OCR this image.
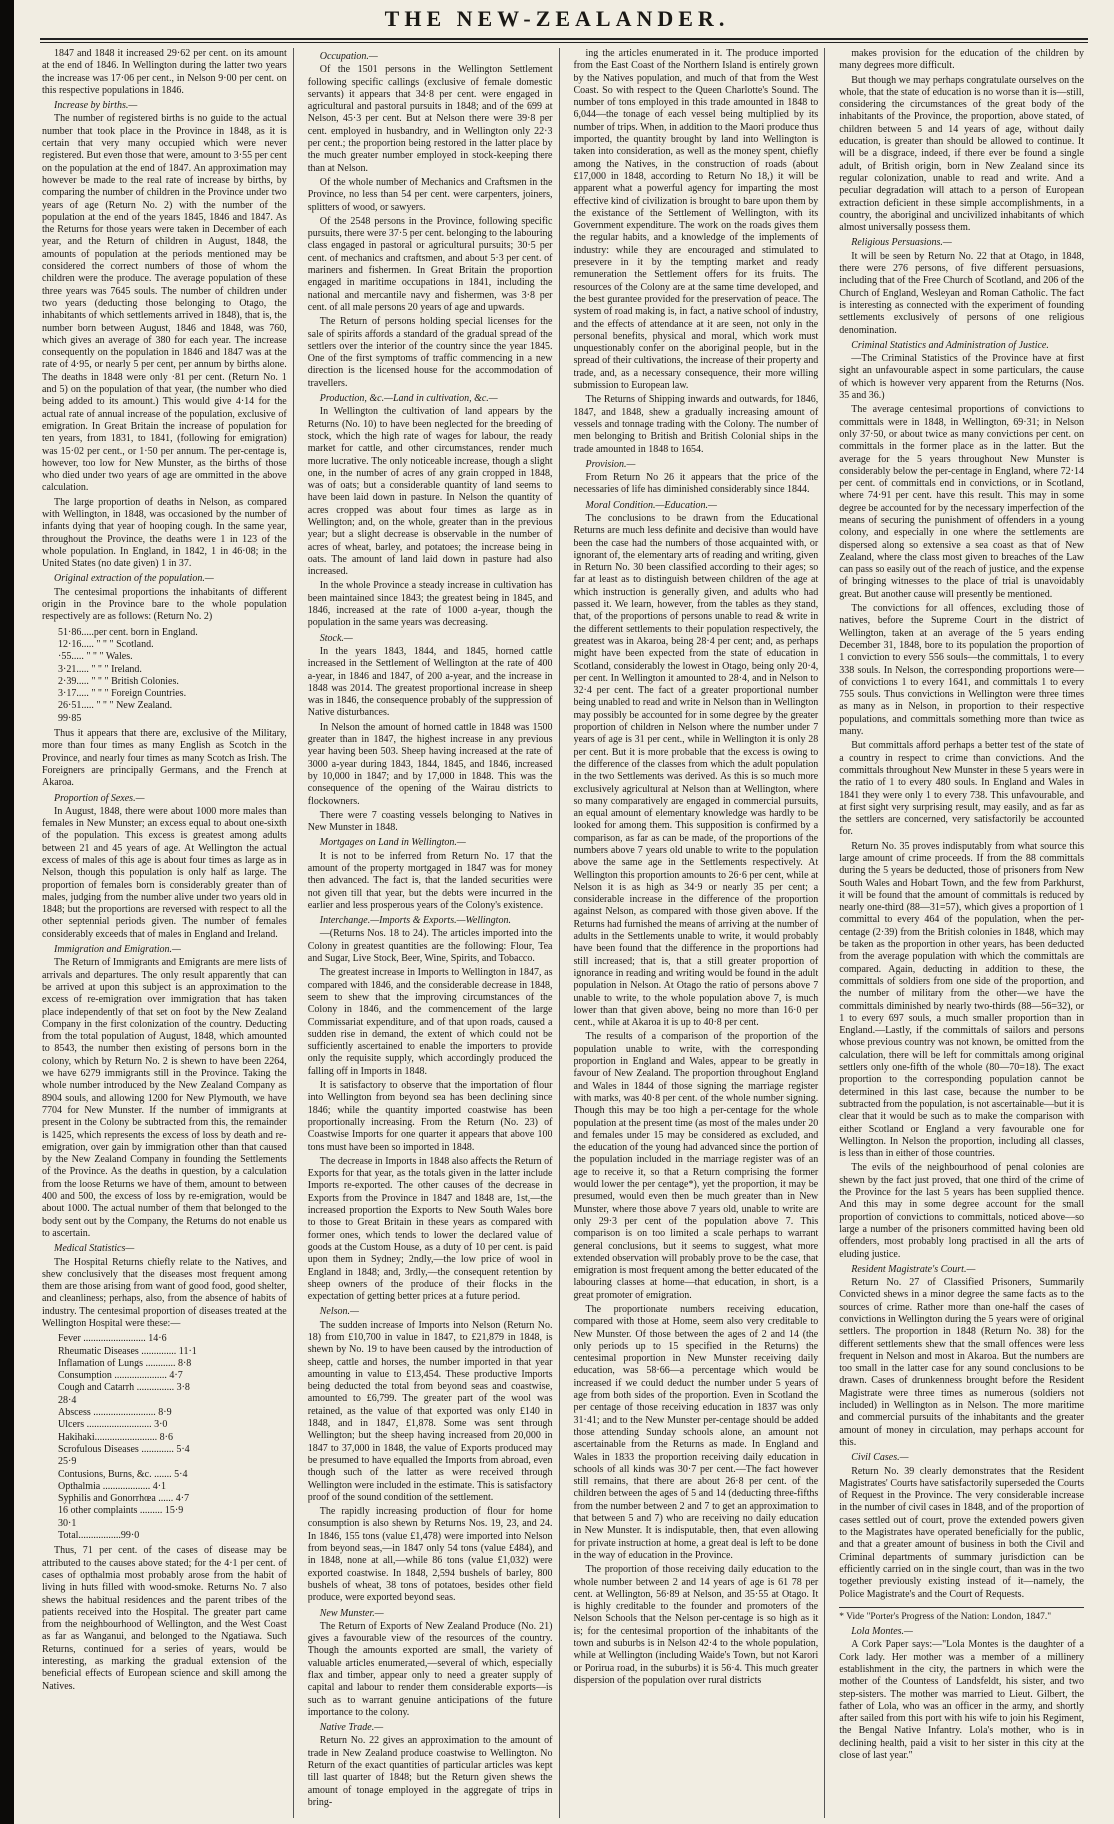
THE NEW-ZEALANDER.

1847 and 1848 it increased 29·62 per cent. on its amount at the end of 1846. In Wellington during the latter two years the increase was 17·06 per cent., in Nelson 9·00 per cent. on this respective populations in 1846.

Increase by births.—

The number of registered births is no guide to the actual number that took place in the Province in 1848, as it is certain that very many occupied which were never registered. But even those that were, amount to 3·55 per cent on the population at the end of 1847. An approximation may however be made to the real rate of increase by births, by comparing the number of children in the Province under two years of age (Return No. 2) with the number of the population at the end of the years 1845, 1846 and 1847. As the Returns for those years were taken in December of each year, and the Return of children in August, 1848, the amounts of population at the periods mentioned may be considered the correct numbers of those of whom the children were the produce. The average population of these three years was 7645 souls. The number of children under two years (deducting those belonging to Otago, the inhabitants of which settlements arrived in 1848), that is, the number born between August, 1846 and 1848, was 760, which gives an average of 380 for each year. The increase consequently on the population in 1846 and 1847 was at the rate of 4·95, or nearly 5 per cent, per annum by births alone. The deaths in 1848 were only ·81 per cent. (Return No. 1 and 5) on the population of that year, (the number who died being added to its amount.) This would give 4·14 for the actual rate of annual increase of the population, exclusive of emigration. In Great Britain the increase of population for ten years, from 1831, to 1841, (following for emigration) was 15·02 per cent., or 1·50 per annum. The per-centage is, however, too low for New Munster, as the births of those who died under two years of age are ommitted in the above calculation.

The large proportion of deaths in Nelson, as compared with Wellington, in 1848, was occasioned by the number of infants dying that year of hooping cough. In the same year, throughout the Province, the deaths were 1 in 123 of the whole population. In England, in 1842, 1 in 46·08; in the United States (no date given) 1 in 37.

Original extraction of the population.—

The centesimal proportions the inhabitants of different origin in the Province bare to the whole population respectively are as follows: (Return No. 2)

51·86.....per cent. born in England.
12·16..... " " " Scotland.
·55..... " " " Wales.
3·21..... " " " Ireland.
2·39..... " " " British Colonies.
3·17..... " " " Foreign Countries.
26·51..... " " " New Zealand.
99·85

Thus it appears that there are, exclusive of the Military, more than four times as many English as Scotch in the Province, and nearly four times as many Scotch as Irish. The Foreigners are principally Germans, and the French at Akaroa.

Proportion of Sexes.—

In August, 1848, there were about 1000 more males than females in New Munster; an excess equal to about one-sixth of the population. This excess is greatest among adults between 21 and 45 years of age. At Wellington the actual excess of males of this age is about four times as large as in Nelson, though this population is only half as large. The proportion of females born is considerably greater than of males, judging from the number alive under two years old in 1848; but the proportions are reversed with respect to all the other septennial periods given. The number of females considerably exceeds that of males in England and Ireland.

Immigration and Emigration.—

The Return of Immigrants and Emigrants are mere lists of arrivals and departures. The only result apparently that can be arrived at upon this subject is an approximation to the excess of re-emigration over immigration that has taken place independently of that set on foot by the New Zealand Company in the first colonization of the country. Deducting from the total population of August, 1848, which amounted to 8543, the number then existing of persons born in the colony, which by Return No. 2 is shewn to have been 2264, we have 6279 immigrants still in the Province. Taking the whole number introduced by the New Zealand Company as 8904 souls, and allowing 1200 for New Plymouth, we have 7704 for New Munster. If the number of immigrants at present in the Colony be subtracted from this, the remainder is 1425, which represents the excess of loss by death and re-emigration, over gain by immigration other than that caused by the New Zealand Company in founding the Settlements of the Province. As the deaths in question, by a calculation from the loose Returns we have of them, amount to between 400 and 500, the excess of loss by re-emigration, would be about 1000. The actual number of them that belonged to the body sent out by the Company, the Returns do not enable us to ascertain.

Medical Statistics—

The Hospital Returns chiefly relate to the Natives, and shew conclusively that the diseases most frequent among them are those arising from want of good food, good shelter, and cleanliness; perhaps, also, from the absence of habits of industry. The centesimal proportion of diseases treated at the Wellington Hospital were these:—

Fever ......................... 14·6
Rheumatic Diseases .............. 11·1
Inflamation of Lungs ............ 8·8
Consumption ..................... 4·7
Cough and Catarrh ............... 3·8
28·4
Abscess ......................... 8·9
Ulcers .......................... 3·0
Hakihaki......................... 8·6
Scrofulous Diseases ............. 5·4
25·9
Contusions, Burns, &c. ....... 5·4
Opthalmia ................... 4·1
Syphilis and Gonorrhœa ...... 4·7
16 other complaints ......... 15·9
30·1
Total.................99·0

Thus, 71 per cent. of the cases of disease may be attributed to the causes above stated; for the 4·1 per cent. of cases of opthalmia most probably arose from the habit of living in huts filled with wood-smoke. Returns No. 7 also shews the habitual residences and the parent tribes of the patients received into the Hospital. The greater part came from the neighbourhood of Wellington, and the West Coast as far as Wanganui, and belonged to the Ngatiawa. Such Returns, continued for a series of years, would be interesting, as marking the gradual extension of the beneficial effects of European science and skill among the Natives.

Occupation.—

Of the 1501 persons in the Wellington Settlement following specific callings (exclusive of female domestic servants) it appears that 34·8 per cent. were engaged in agricultural and pastoral pursuits in 1848; and of the 699 at Nelson, 45·3 per cent. But at Nelson there were 39·8 per cent. employed in husbandry, and in Wellington only 22·3 per cent.; the proportion being restored in the latter place by the much greater number employed in stock-keeping there than at Nelson.

Of the whole number of Mechanics and Craftsmen in the Province, no less than 54 per cent. were carpenters, joiners, splitters of wood, or sawyers.

Of the 2548 persons in the Province, following specific pursuits, there were 37·5 per cent. belonging to the labouring class engaged in pastoral or agricultural pursuits; 30·5 per cent. of mechanics and craftsmen, and about 5·3 per cent. of mariners and fishermen. In Great Britain the proportion engaged in maritime occupations in 1841, including the national and mercantile navy and fishermen, was 3·8 per cent. of all male persons 20 years of age and upwards.

The Return of persons holding special licenses for the sale of spirits affords a standard of the gradual spread of the settlers over the interior of the country since the year 1845. One of the first symptoms of traffic commencing in a new direction is the licensed house for the accommodation of travellers.

Production, &c.—Land in cultivation, &c.—

In Wellington the cultivation of land appears by the Returns (No. 10) to have been neglected for the breeding of stock, which the high rate of wages for labour, the ready market for cattle, and other circumstances, render much more lucrative. The only noticeable increase, though a slight one, in the number of acres of any grain cropped in 1848, was of oats; but a considerable quantity of land seems to have been laid down in pasture. In Nelson the quantity of acres cropped was about four times as large as in Wellington; and, on the whole, greater than in the previous year; but a slight decrease is observable in the number of acres of wheat, barley, and potatoes; the increase being in oats. The amount of land laid down in pasture had also increased.

In the whole Province a steady increase in cultivation has been maintained since 1843; the greatest being in 1845, and 1846, increased at the rate of 1000 a-year, though the population in the same years was decreasing.

Stock.—

In the years 1843, 1844, and 1845, horned cattle increased in the Settlement of Wellington at the rate of 400 a-year, in 1846 and 1847, of 200 a-year, and the increase in 1848 was 2014. The greatest proportional increase in sheep was in 1846, the consequence probably of the suppression of Native disturbances.

In Nelson the amount of horned cattle in 1848 was 1500 greater than in 1847, the highest increase in any previous year having been 503. Sheep having increased at the rate of 3000 a-year during 1843, 1844, 1845, and 1846, increased by 10,000 in 1847; and by 17,000 in 1848. This was the consequence of the opening of the Wairau districts to flockowners.

There were 7 coasting vessels belonging to Natives in New Munster in 1848.

Mortgages on Land in Wellington.—

It is not to be inferred from Return No. 17 that the amount of the property mortgaged in 1847 was for money then advanced. The fact is, that the landed securities were not given till that year, but the debts were incurred in the earlier and less prosperous years of the Colony's existence.

Interchange.—Imports & Exports.—Wellington.

—(Returns Nos. 18 to 24). The articles imported into the Colony in greatest quantities are the following: Flour, Tea and Sugar, Live Stock, Beer, Wine, Spirits, and Tobacco.

The greatest increase in Imports to Wellington in 1847, as compared with 1846, and the considerable decrease in 1848, seem to shew that the improving circumstances of the Colony in 1846, and the commencement of the large Commissariat expenditure, and of that upon roads, caused a sudden rise in demand, the extent of which could not be sufficiently ascertained to enable the importers to provide only the requisite supply, which accordingly produced the falling off in Imports in 1848.

It is satisfactory to observe that the importation of flour into Wellington from beyond sea has been declining since 1846; while the quantity imported coastwise has been proportionally increasing. From the Return (No. 23) of Coastwise Imports for one quarter it appears that above 100 tons must have been so imported in 1848.

The decrease in Imports in 1848 also affects the Return of Exports for that year, as the totals given in the latter include Imports re-exported. The other causes of the decrease in Exports from the Province in 1847 and 1848 are, 1st,—the increased proportion the Exports to New South Wales bore to those to Great Britain in these years as compared with former ones, which tends to lower the declared value of goods at the Custom House, as a duty of 10 per cent. is paid upon them in Sydney; 2ndly,—the low price of wool in England in 1848; and, 3rdly,—the consequent retention by sheep owners of the produce of their flocks in the expectation of getting better prices at a future period.

Nelson.—

The sudden increase of Imports into Nelson (Return No. 18) from £10,700 in value in 1847, to £21,879 in 1848, is shewn by No. 19 to have been caused by the introduction of sheep, cattle and horses, the number imported in that year amounting in value to £13,454. These productive Imports being deducted the total from beyond seas and coastwise, amounted to £6,799. The greater part of the wool was retained, as the value of that exported was only £140 in 1848, and in 1847, £1,878. Some was sent through Wellington; but the sheep having increased from 20,000 in 1847 to 37,000 in 1848, the value of Exports produced may be presumed to have equalled the Imports from abroad, even though such of the latter as were received through Wellington were included in the estimate. This is satisfactory proof of the sound condition of the settlement.

The rapidly increasing production of flour for home consumption is also shewn by Returns Nos. 19, 23, and 24. In 1846, 155 tons (value £1,478) were imported into Nelson from beyond seas,—in 1847 only 54 tons (value £484), and in 1848, none at all,—while 86 tons (value £1,032) were exported coastwise. In 1848, 2,594 bushels of barley, 800 bushels of wheat, 38 tons of potatoes, besides other field produce, were exported beyond seas.

New Munster.—

The Return of Exports of New Zealand Produce (No. 21) gives a favourable view of the resources of the country. Though the amounts exported are small, the variety of valuable articles enumerated,—several of which, especially flax and timber, appear only to need a greater supply of capital and labour to render them considerable exports—is such as to warrant genuine anticipations of the future importance to the colony.

Native Trade.—

Return No. 22 gives an approximation to the amount of trade in New Zealand produce coastwise to Wellington. No Return of the exact quantities of particular articles was kept till last quarter of 1848; but the Return given shews the amount of tonage employed in the aggregate of trips in bring-

ing the articles enumerated in it. The produce imported from the East Coast of the Northern Island is entirely grown by the Natives population, and much of that from the West Coast. So with respect to the Queen Charlotte's Sound. The number of tons employed in this trade amounted in 1848 to 6,044—the tonage of each vessel being multiplied by its number of trips. When, in addition to the Maori produce thus imported, the quantity brought by land into Wellington is taken into consideration, as well as the money spent, chiefly among the Natives, in the construction of roads (about £17,000 in 1848, according to Return No 18,) it will be apparent what a powerful agency for imparting the most effective kind of civilization is brought to bare upon them by the existance of the Settlement of Wellington, with its Government expenditure. The work on the roads gives them the regular habits, and a knowledge of the implements of industry: while they are encouraged and stimulated to presevere in it by the tempting market and ready remuneration the Settlement offers for its fruits. The resources of the Colony are at the same time developed, and the best gurantee provided for the preservation of peace. The system of road making is, in fact, a native school of industry, and the effects of attendance at it are seen, not only in the personal benefits, physical and moral, which work must unquestionably confer on the aboriginal people, but in the spread of their cultivations, the increase of their property and trade, and, as a necessary consequence, their more willing submission to European law.

The Returns of Shipping inwards and outwards, for 1846, 1847, and 1848, shew a gradually increasing amount of vessels and tonnage trading with the Colony. The number of men belonging to British and British Colonial ships in the trade amounted in 1848 to 1654.

Provision.—

From Return No 26 it appears that the price of the necessaries of life has diminished considerably since 1844.

Moral Condition.—Education.—

The conclusions to be drawn from the Educational Returns are much less definite and decisive than would have been the case had the numbers of those acquainted with, or ignorant of, the elementary arts of reading and writing, given in Return No. 30 been classified according to their ages; so far at least as to distinguish between children of the age at which instruction is generally given, and adults who had passed it. We learn, however, from the tables as they stand, that, of the proportions of persons unable to read & write in the different settlements to their population respectively, the greatest was in Akaroa, being 28·4 per cent; and, as perhaps might have been expected from the state of education in Scotland, considerably the lowest in Otago, being only 20·4, per cent. In Wellington it amounted to 28·4, and in Nelson to 32·4 per cent. The fact of a greater proportional number being unabled to read and write in Nelson than in Wellington may possibly be accounted for in some degree by the greater proportion of children in Nelson where the number under 7 years of age is 31 per cent., while in Wellington it is only 28 per cent. But it is more probable that the excess is owing to the difference of the classes from which the adult population in the two Settlements was derived. As this is so much more exclusively agricultural at Nelson than at Wellington, where so many comparatively are engaged in commercial pursuits, an equal amount of elementary knowledge was hardly to be looked for among them. This supposition is confirmed by a comparison, as far as can be made, of the proportions of the numbers above 7 years old unable to write to the population above the same age in the Settlements respectively. At Wellington this proportion amounts to 26·6 per cent, while at Nelson it is as high as 34·9 or nearly 35 per cent; a considerable increase in the difference of the proportion against Nelson, as compared with those given above. If the Returns had furnished the means of arriving at the number of adults in the Settlements unable to write, it would probably have been found that the difference in the proportions had still increased; that is, that a still greater proportion of ignorance in reading and writing would be found in the adult population in Nelson. At Otago the ratio of persons above 7 unable to write, to the whole population above 7, is much lower than that given above, being no more than 16·0 per cent., while at Akaroa it is up to 40·8 per cent.

The results of a comparison of the proportion of the population unable to write, with the corresponding proportion in England and Wales, appear to be greatly in favour of New Zealand. The proportion throughout England and Wales in 1844 of those signing the marriage register with marks, was 40·8 per cent. of the whole number signing. Though this may be too high a per-centage for the whole population at the present time (as most of the males under 20 and females under 15 may be considered as excluded, and the education of the young had advanced since the portion of the population included in the marriage register was of an age to receive it, so that a Return comprising the former would lower the per centage*), yet the proportion, it may be presumed, would even then be much greater than in New Munster, where those above 7 years old, unable to write are only 29·3 per cent of the population above 7. This comparison is on too limited a scale perhaps to warrant general conclusions, but it seems to suggest, what more extended observation will probably prove to be the case, that emigration is most frequent among the better educated of the labouring classes at home—that education, in short, is a great promoter of emigration.

The proportionate numbers receiving education, compared with those at Home, seem also very creditable to New Munster. Of those between the ages of 2 and 14 (the only periods up to 15 specified in the Returns) the centesimal proportion in New Munster receiving daily education, was 58·66—a percentage which would be increased if we could deduct the number under 5 years of age from both sides of the proportion. Even in Scotland the per centage of those receiving education in 1837 was only 31·41; and to the New Munster per-centage should be added those attending Sunday schools alone, an amount not ascertainable from the Returns as made. In England and Wales in 1833 the proportion receiving daily education in schools of all kinds was 30·7 per cent.—The fact however still remains, that there are about 26·8 per cent. of the children between the ages of 5 and 14 (deducting three-fifths from the number between 2 and 7 to get an approximation to that between 5 and 7) who are receiving no daily education in New Munster. It is indisputable, then, that even allowing for private instruction at home, a great deal is left to be done in the way of education in the Province.

The proportion of those receiving daily education to the whole number between 2 and 14 years of age is 61 78 per cent. at Wellington, 56·89 at Nelson, and 35·55 at Otago. It is highly creditable to the founder and promoters of the Nelson Schools that the Nelson per-centage is so high as it is; for the centesimal proportion of the inhabitants of the town and suburbs is in Nelson 42·4 to the whole population, while at Wellington (including Waide's Town, but not Karori or Porirua road, in the suburbs) it is 56·4. This much greater dispersion of the population over rural districts

makes provision for the education of the children by many degrees more difficult.

But though we may perhaps congratulate ourselves on the whole, that the state of education is no worse than it is—still, considering the circumstances of the great body of the inhabitants of the Province, the proportion, above stated, of children between 5 and 14 years of age, without daily education, is greater than should be allowed to continue. It will be a disgrace, indeed, if there ever be found a single adult, of British origin, born in New Zealand since its regular colonization, unable to read and write. And a peculiar degradation will attach to a person of European extraction deficient in these simple accomplishments, in a country, the aboriginal and uncivilized inhabitants of which almost universally possess them.

Religious Persuasions.—

It will be seen by Return No. 22 that at Otago, in 1848, there were 276 persons, of five different persuasions, including that of the Free Church of Scotland, and 206 of the Church of England, Wesleyan and Roman Catholic. The fact is interesting as connected with the experiment of founding settlements exclusively of persons of one religious denomination.

Criminal Statistics and Administration of Justice.

—The Criminal Statistics of the Province have at first sight an unfavourable aspect in some particulars, the cause of which is however very apparent from the Returns (Nos. 35 and 36.)

The average centesimal proportions of convictions to committals were in 1848, in Wellington, 69·31; in Nelson only 37·50, or about twice as many convictions per cent. on committals in the former place as in the latter. But the average for the 5 years throughout New Munster is considerably below the per-centage in England, where 72·14 per cent. of committals end in convictions, or in Scotland, where 74·91 per cent. have this result. This may in some degree be accounted for by the necessary imperfection of the means of securing the punishment of offenders in a young colony, and especially in one where the settlements are dispersed along so extensive a sea coast as that of New Zealand, where the class most given to breaches of the Law can pass so easily out of the reach of justice, and the expense of bringing witnesses to the place of trial is unavoidably great. But another cause will presently be mentioned.

The convictions for all offences, excluding those of natives, before the Supreme Court in the district of Wellington, taken at an average of the 5 years ending December 31, 1848, bore to its population the proportion of 1 conviction to every 556 souls—the committals, 1 to every 338 souls. In Nelson, the corresponding proportions were—of convictions 1 to every 1641, and committals 1 to every 755 souls. Thus convictions in Wellington were three times as many as in Nelson, in proportion to their respective populations, and committals something more than twice as many.

But committals afford perhaps a better test of the state of a country in respect to crime than convictions. And the committals throughout New Munster in these 5 years were in the ratio of 1 to every 480 souls. In England and Wales in 1841 they were only 1 to every 738. This unfavourable, and at first sight very surprising result, may easily, and as far as the settlers are concerned, very satisfactorily be accounted for.

Return No. 35 proves indisputably from what source this large amount of crime proceeds. If from the 88 committals during the 5 years be deducted, those of prisoners from New South Wales and Hobart Town, and the few from Parkhurst, it will be found that the amount of committals is reduced by nearly one-third (88—31=57), which gives a proportion of 1 committal to every 464 of the population, when the per-centage (2·39) from the British colonies in 1848, which may be taken as the proportion in other years, has been deducted from the average population with which the committals are compared. Again, deducting in addition to these, the committals of soldiers from one side of the proportion, and the number of military from the other—we have the committals diminished by nearly two-thirds (88—56=32), or 1 to every 697 souls, a much smaller proportion than in England.—Lastly, if the committals of sailors and persons whose previous country was not known, be omitted from the calculation, there will be left for committals among original settlers only one-fifth of the whole (80—70=18). The exact proportion to the corresponding population cannot be determined in this last case, because the number to be subtracted from the population, is not ascertainable—but it is clear that it would be such as to make the comparison with either Scotland or England a very favourable one for Wellington. In Nelson the proportion, including all classes, is less than in either of those countries.

The evils of the neighbourhood of penal colonies are shewn by the fact just proved, that one third of the crime of the Province for the last 5 years has been supplied thence. And this may in some degree account for the small proportion of convictions to committals, noticed above—so large a number of the prisoners committed having been old offenders, most probably long practised in all the arts of eluding justice.

Resident Magistrate's Court.—

Return No. 27 of Classified Prisoners, Summarily Convicted shews in a minor degree the same facts as to the sources of crime. Rather more than one-half the cases of convictions in Wellington during the 5 years were of original settlers. The proportion in 1848 (Return No. 38) for the different settlements shew that the small offences were less frequent in Nelson and most in Akaroa. But the numbers are too small in the latter case for any sound conclusions to be drawn. Cases of drunkenness brought before the Resident Magistrate were three times as numerous (soldiers not included) in Wellington as in Nelson. The more maritime and commercial pursuits of the inhabitants and the greater amount of money in circulation, may perhaps account for this.

Civil Cases.—

Return No. 39 clearly demonstrates that the Resident Magistrates' Courts have satisfactorily superseded the Courts of Request in the Province. The very considerable increase in the number of civil cases in 1848, and of the proportion of cases settled out of court, prove the extended powers given to the Magistrates have operated beneficially for the public, and that a greater amount of business in both the Civil and Criminal departments of summary jurisdiction can be efficiently carried on in the single court, than was in the two together previously existing instead of it—namely, the Police Magistrate's and the Court of Requests.

* Vide "Porter's Progress of the Nation: London, 1847."
Lola Montes.—

A Cork Paper says:—"Lola Montes is the daughter of a Cork lady. Her mother was a member of a millinery establishment in the city, the partners in which were the mother of the Countess of Landsfeldt, his sister, and two step-sisters. The mother was married to Lieut. Gilbert, the father of Lola, who was an officer in the army, and shortly after sailed from this port with his wife to join his Regiment, the Bengal Native Infantry. Lola's mother, who is in declining health, paid a visit to her sister in this city at the close of last year."
